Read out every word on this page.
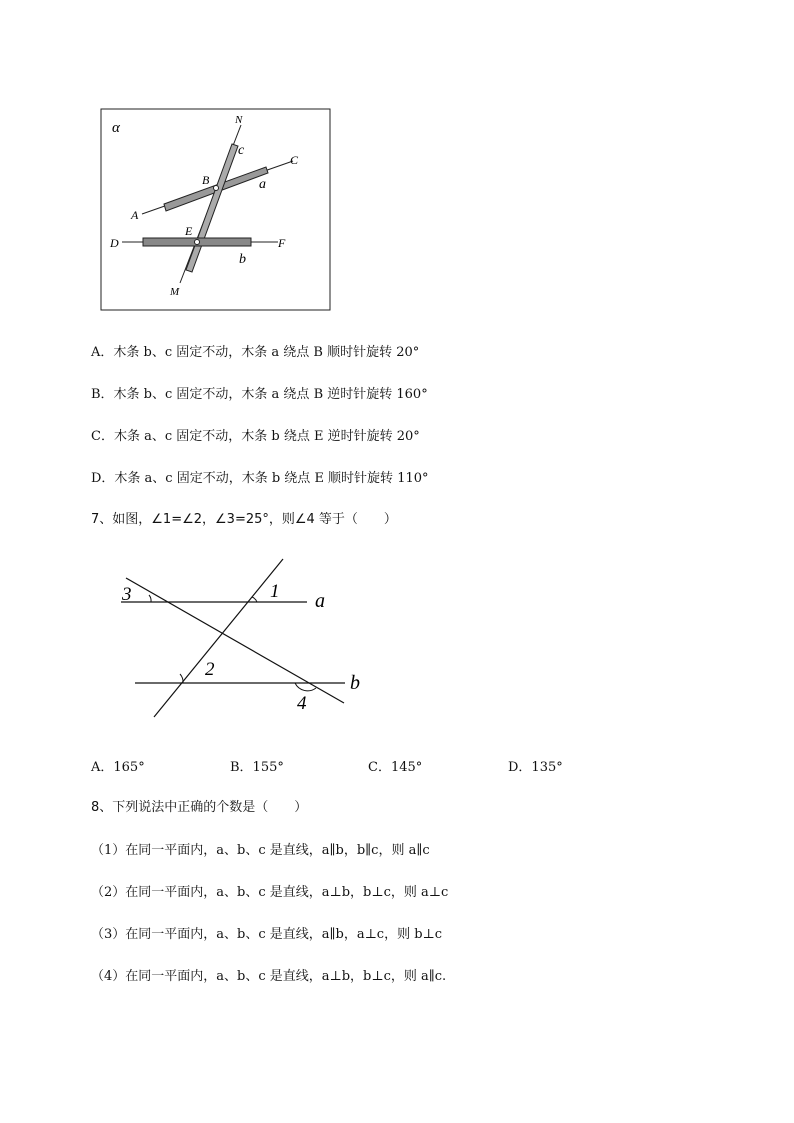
α	N
c
C
B	a
A
E
D	F
b
M
A．木条 b、c 固定不动，木条 a 绕点 B 顺时针旋转 20°
B．木条 b、c 固定不动，木条 a 绕点 B 逆时针旋转 160°
C．木条 a、c 固定不动，木条 b 绕点 E 逆时针旋转 20°
D．木条 a、c 固定不动，木条 b 绕点 E 顺时针旋转 110°
7、如图，∠1=∠2，∠3=25°，则∠4 等于（　　）
3	1 a
2
b
4
A．165°	B．155°	C．145°	D．135°
8、下列说法中正确的个数是（　　）
（1）在同一平面内，a、b、c 是直线，a∥b，b∥c，则 a∥c
（2）在同一平面内，a、b、c 是直线，a⊥b，b⊥c，则 a⊥c
（3）在同一平面内，a、b、c 是直线，a∥b，a⊥c，则 b⊥c
（4）在同一平面内，a、b、c 是直线，a⊥b，b⊥c，则 a∥c.
